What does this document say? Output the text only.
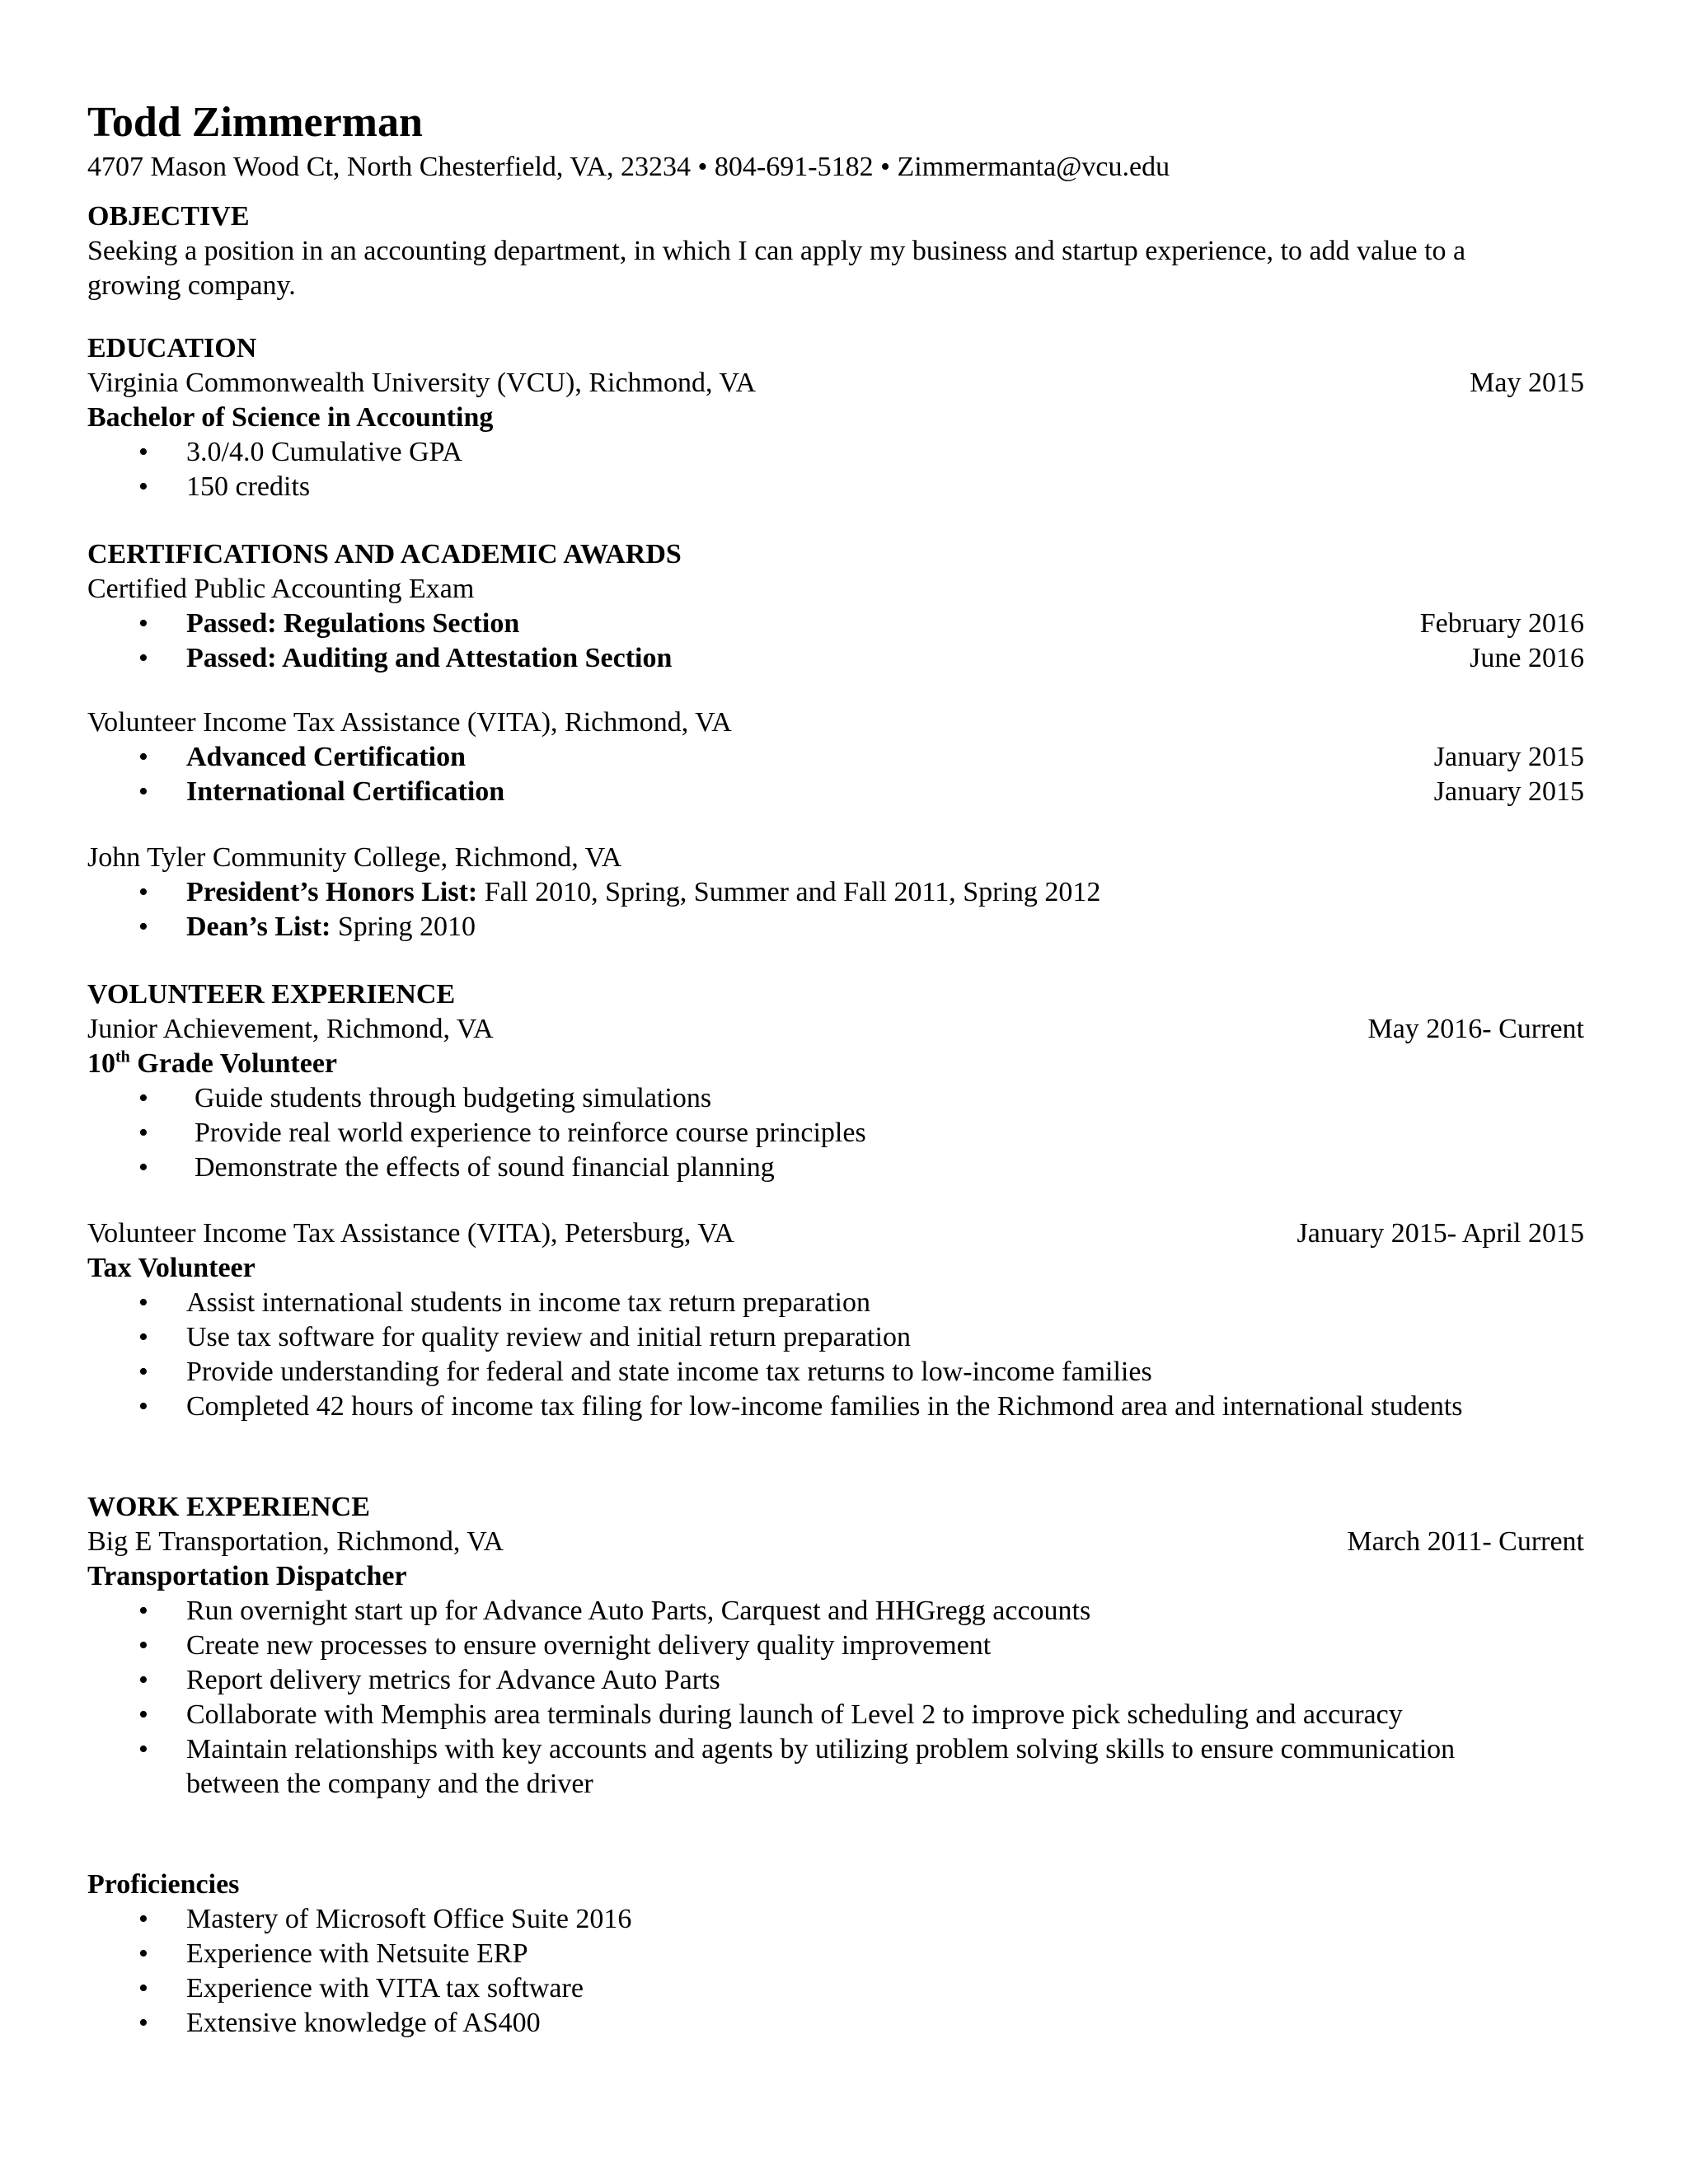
Todd Zimmerman
4707 Mason Wood Ct, North Chesterfield, VA, 23234 • 804-691-5182 • Zimmermanta@vcu.edu
OBJECTIVE
Seeking a position in an accounting department, in which I can apply my business and startup experience, to add value to a
growing company.
EDUCATION
Virginia Commonwealth University (VCU), Richmond, VA	May 2015
Bachelor of Science in Accounting
• 3.0/4.0 Cumulative GPA
• 150 credits
CERTIFICATIONS AND ACADEMIC AWARDS
Certified Public Accounting Exam
• Passed: Regulations Section	February 2016
• Passed: Auditing and Attestation Section	June 2016
Volunteer Income Tax Assistance (VITA), Richmond, VA
• Advanced Certification	January 2015
• International Certification	January 2015
John Tyler Community College, Richmond, VA
• President’s Honors List: Fall 2010, Spring, Summer and Fall 2011, Spring 2012
• Dean’s List: Spring 2010
VOLUNTEER EXPERIENCE
Junior Achievement, Richmond, VA	May 2016- Current
10th Grade Volunteer
• Guide students through budgeting simulations
• Provide real world experience to reinforce course principles
• Demonstrate the effects of sound financial planning
Volunteer Income Tax Assistance (VITA), Petersburg, VA	January 2015- April 2015
Tax Volunteer
• Assist international students in income tax return preparation
• Use tax software for quality review and initial return preparation
• Provide understanding for federal and state income tax returns to low-income families
• Completed 42 hours of income tax filing for low-income families in the Richmond area and international students
WORK EXPERIENCE
Big E Transportation, Richmond, VA	March 2011- Current
Transportation Dispatcher
• Run overnight start up for Advance Auto Parts, Carquest and HHGregg accounts
• Create new processes to ensure overnight delivery quality improvement
• Report delivery metrics for Advance Auto Parts
• Collaborate with Memphis area terminals during launch of Level 2 to improve pick scheduling and accuracy
• Maintain relationships with key accounts and agents by utilizing problem solving skills to ensure communication
between the company and the driver
Proficiencies
• Mastery of Microsoft Office Suite 2016
• Experience with Netsuite ERP
• Experience with VITA tax software
• Extensive knowledge of AS400
